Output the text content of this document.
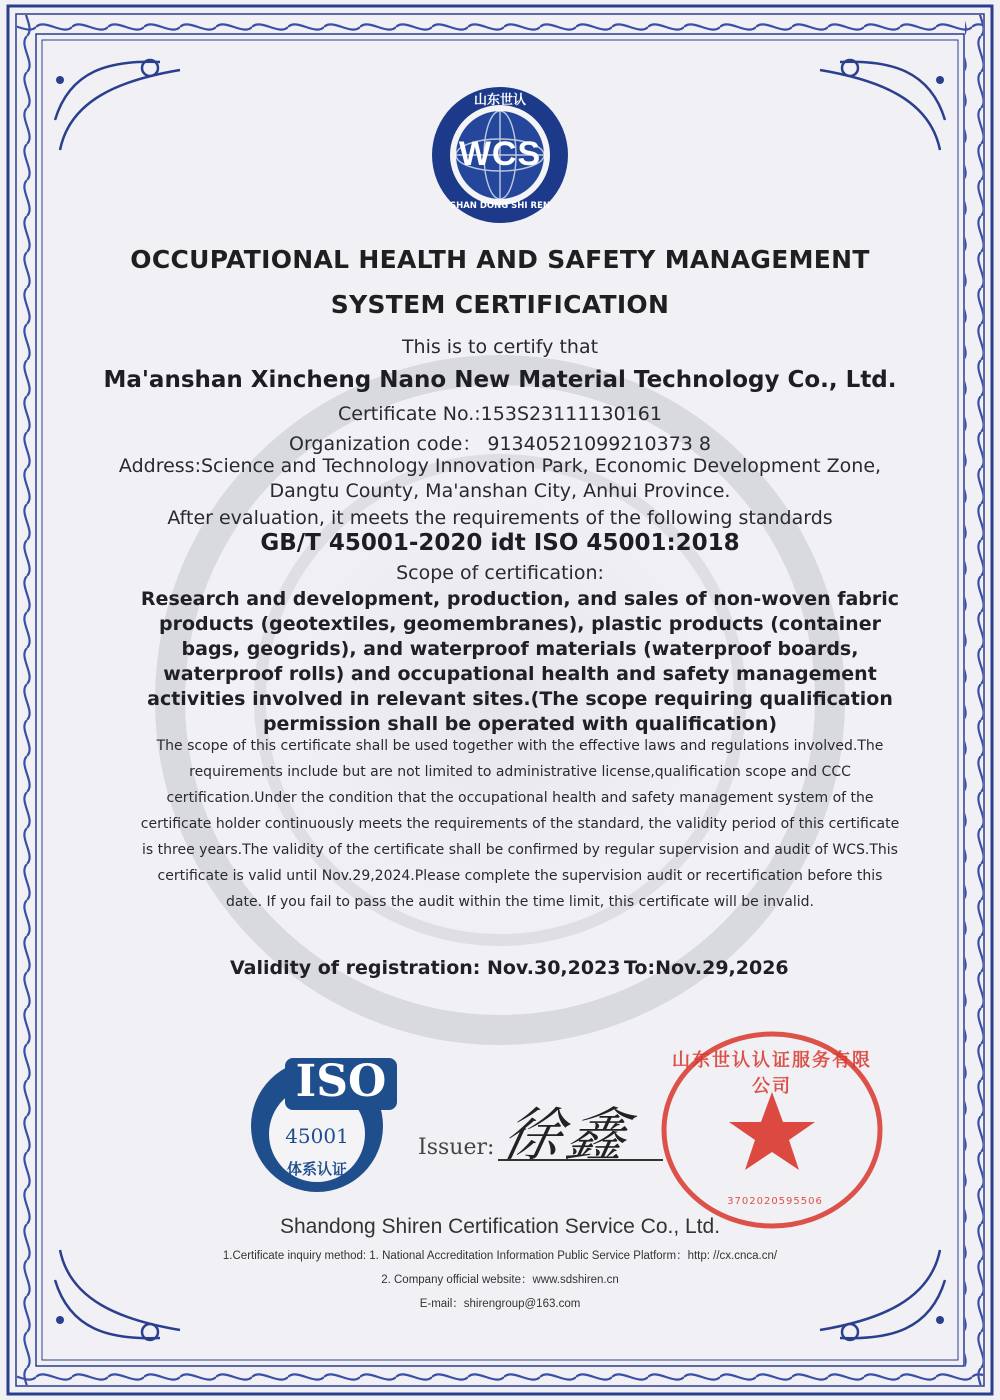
山东世认
WCS
SHAN DONG SHI REN
OCCUPATIONAL HEALTH AND SAFETY MANAGEMENT
SYSTEM CERTIFICATION
This is to certify that
Ma'anshan Xincheng Nano New Material Technology Co., Ltd.
Certificate No.:153S23111130161
Organization code： 91340521099210373 8
Address:Science and Technology Innovation Park, Economic Development Zone,
Dangtu County, Ma'anshan City, Anhui Province.
After evaluation, it meets the requirements of the following standards
GB/T 45001-2020 idt ISO 45001:2018
Scope of certification:
Research and development, production, and sales of non-woven fabric products (geotextiles, geomembranes), plastic products (container bags, geogrids), and waterproof materials (waterproof boards, waterproof rolls) and occupational health and safety management activities involved in relevant sites.(The scope requiring qualification permission shall be operated with qualification)
The scope of this certificate shall be used together with the effective laws and regulations involved.The requirements include but are not limited to administrative license,qualification scope and CCC certification.Under the condition that the occupational health and safety management system of the certificate holder continuously meets the requirements of the standard, the validity period of this certificate is three years.The validity of the certificate shall be confirmed by regular supervision and audit of WCS.This certificate is valid until Nov.29,2024.Please complete the supervision audit or recertification before this date. If you fail to pass the audit within the time limit, this certificate will be invalid.
Validity of registration: Nov.30,2023 To:Nov.29,2026
ISO
45001
体系认证
Issuer: 徐鑫
山东世认认证服务有限公司
3702020595506
Shandong Shiren Certification Service Co., Ltd.
1.Certificate inquiry method: 1. National Accreditation Information Public Service Platform：http: //cx.cnca.cn/
2. Company official website：www.sdshiren.cn
E-mail：shirengroup@163.com
